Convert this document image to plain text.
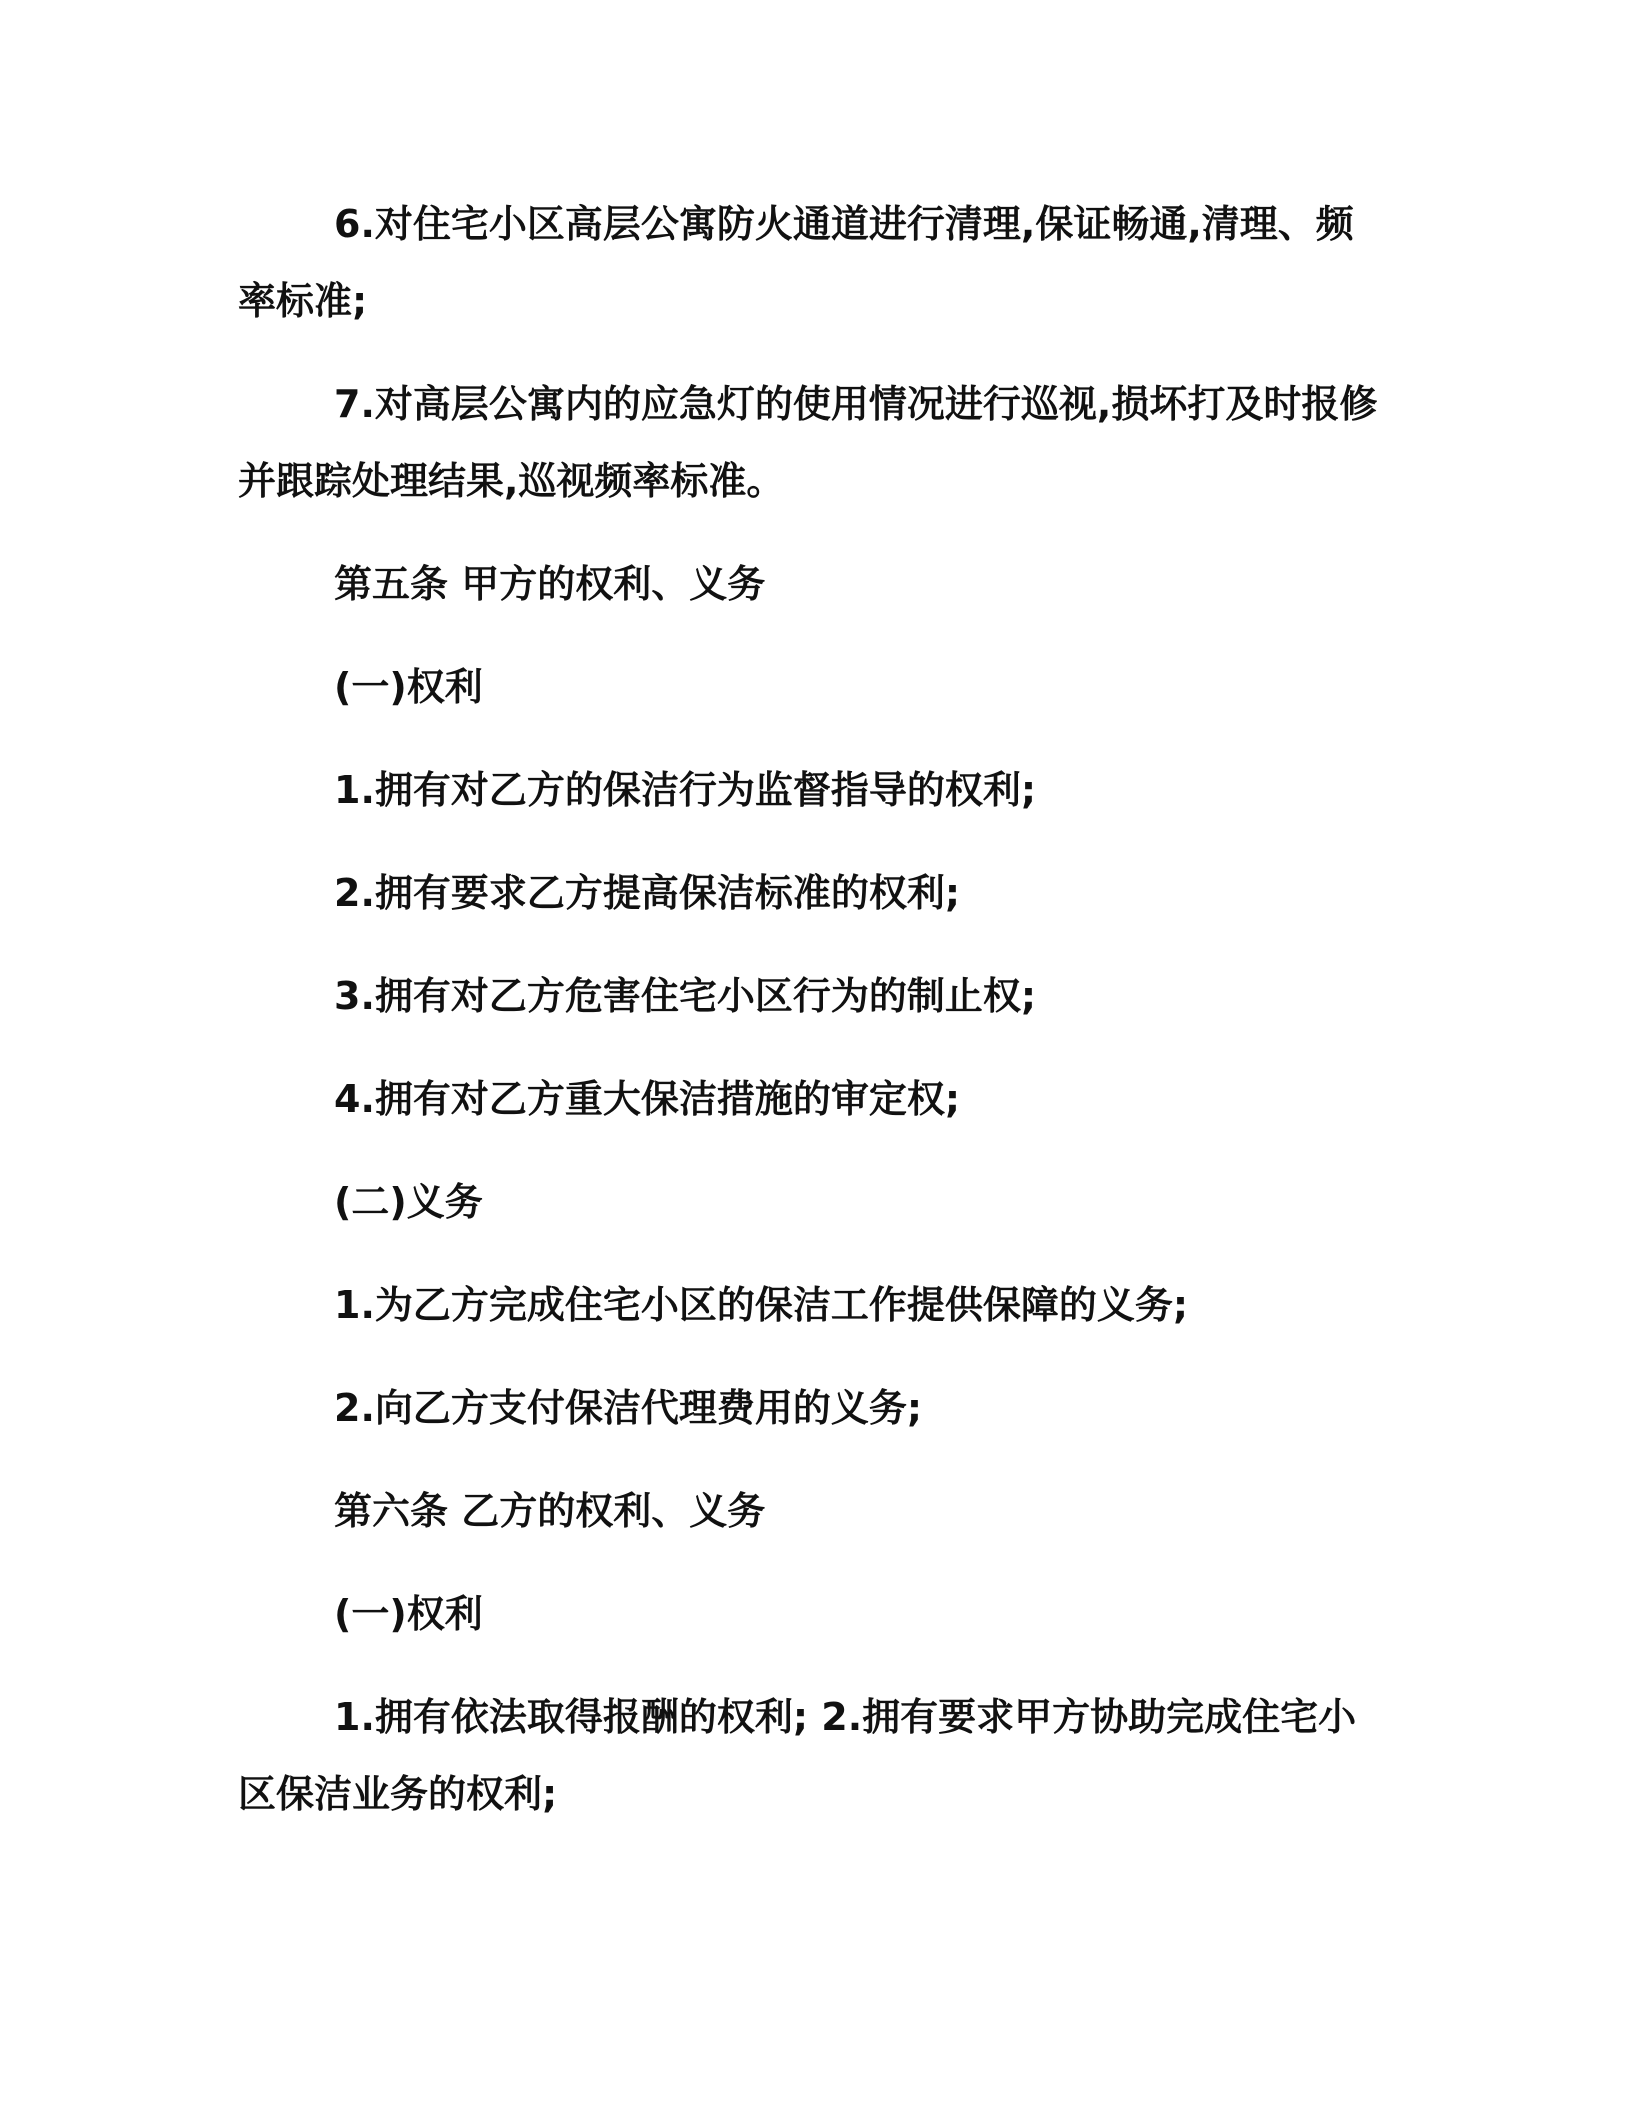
6.对住宅小区高层公寓防火通道进行清理,保证畅通,清理、频率标准;

7.对高层公寓内的应急灯的使用情况进行巡视,损坏打及时报修并跟踪处理结果,巡视频率标准。

第五条 甲方的权利、义务

(一)权利

1.拥有对乙方的保洁行为监督指导的权利;

2.拥有要求乙方提高保洁标准的权利;

3.拥有对乙方危害住宅小区行为的制止权;

4.拥有对乙方重大保洁措施的审定权;

(二)义务

1.为乙方完成住宅小区的保洁工作提供保障的义务;

2.向乙方支付保洁代理费用的义务;

第六条 乙方的权利、义务

(一)权利

1.拥有依法取得报酬的权利; 2.拥有要求甲方协助完成住宅小区保洁业务的权利;
